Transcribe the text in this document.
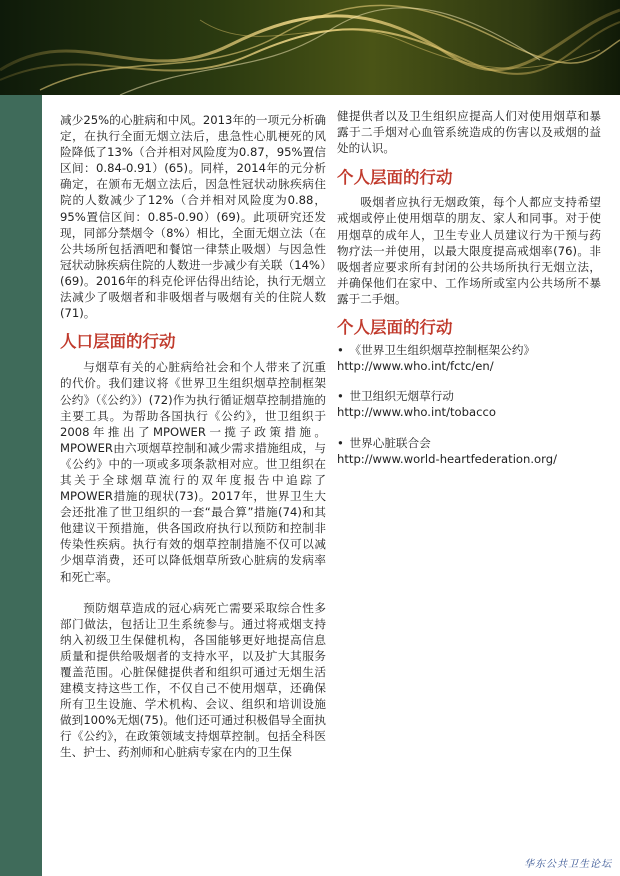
减少25%的心脏病和中风。2013年的一项元分析确定，在执行全面无烟立法后，患急性心肌梗死的风险降低了13%（合并相对风险度为0.87，95%置信区间：0.84-0.91）(65)。同样，2014年的元分析确定，在颁布无烟立法后，因急性冠状动脉疾病住院的人数减少了12%（合并相对风险度为0.88，95%置信区间：0.85-0.90）(69)。此项研究还发现，同部分禁烟令（8%）相比，全面无烟立法（在公共场所包括酒吧和餐馆一律禁止吸烟）与因急性冠状动脉疾病住院的人数进一步减少有关联（14%）(69)。2016年的科克伦评估得出结论，执行无烟立法减少了吸烟者和非吸烟者与吸烟有关的住院人数(71)。

人口层面的行动

与烟草有关的心脏病给社会和个人带来了沉重的代价。我们建议将《世界卫生组织烟草控制框架公约》（《公约》）(72)作为执行循证烟草控制措施的主要工具。为帮助各国执行《公约》，世卫组织于2008年推出了MPOWER一揽子政策措施。MPOWER由六项烟草控制和减少需求措施组成，与《公约》中的一项或多项条款相对应。世卫组织在其关于全球烟草流行的双年度报告中追踪了MPOWER措施的现状(73)。2017年，世界卫生大会还批准了世卫组织的一套“最合算”措施(74)和其他建议干预措施，供各国政府执行以预防和控制非传染性疾病。执行有效的烟草控制措施不仅可以减少烟草消费，还可以降低烟草所致心脏病的发病率和死亡率。

预防烟草造成的冠心病死亡需要采取综合性多部门做法，包括让卫生系统参与。通过将戒烟支持纳入初级卫生保健机构，各国能够更好地提高信息质量和提供给吸烟者的支持水平，以及扩大其服务覆盖范围。心脏保健提供者和组织可通过无烟生活建模支持这些工作，不仅自己不使用烟草，还确保所有卫生设施、学术机构、会议、组织和培训设施做到100%无烟(75)。他们还可通过积极倡导全面执行《公约》，在政策领域支持烟草控制。包括全科医生、护士、药剂师和心脏病专家在内的卫生保

健提供者以及卫生组织应提高人们对使用烟草和暴露于二手烟对心血管系统造成的伤害以及戒烟的益处的认识。

个人层面的行动

吸烟者应执行无烟政策，每个人都应支持希望戒烟或停止使用烟草的朋友、家人和同事。对于使用烟草的成年人，卫生专业人员建议行为干预与药物疗法一并使用，以最大限度提高戒烟率(76)。非吸烟者应要求所有封闭的公共场所执行无烟立法，并确保他们在家中、工作场所或室内公共场所不暴露于二手烟。

个人层面的行动
• 《世界卫生组织烟草控制框架公约》
http://www.who.int/fctc/en/
• 世卫组织无烟草行动
http://www.who.int/tobacco
• 世界心脏联合会
http://www.world-heartfederation.org/
华东公共卫生论坛
